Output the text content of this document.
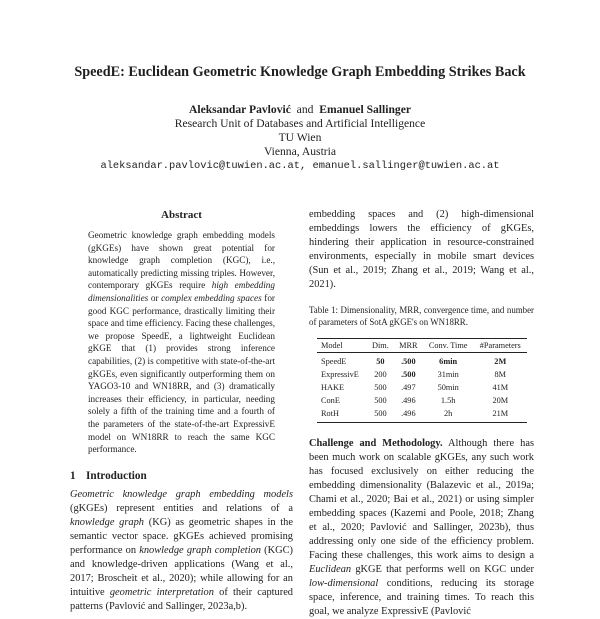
SpeedE: Euclidean Geometric Knowledge Graph Embedding Strikes Back
Aleksandar Pavlović and Emanuel Sallinger
Research Unit of Databases and Artificial Intelligence
TU Wien
Vienna, Austria
aleksandar.pavlovic@tuwien.ac.at, emanuel.sallinger@tuwien.ac.at
Abstract
Geometric knowledge graph embedding models (gKGEs) have shown great potential for knowledge graph completion (KGC), i.e., automatically predicting missing triples. However, contemporary gKGEs require high embedding dimensionalities or complex embedding spaces for good KGC performance, drastically limiting their space and time efficiency. Facing these challenges, we propose SpeedE, a lightweight Euclidean gKGE that (1) provides strong inference capabilities, (2) is competitive with state-of-the-art gKGEs, even significantly outperforming them on YAGO3-10 and WN18RR, and (3) dramatically increases their efficiency, in particular, needing solely a fifth of the training time and a fourth of the parameters of the state-of-the-art ExpressivE model on WN18RR to reach the same KGC performance.
1 Introduction
Geometric knowledge graph embedding models (gKGEs) represent entities and relations of a knowledge graph (KG) as geometric shapes in the semantic vector space. gKGEs achieved promising performance on knowledge graph completion (KGC) and knowledge-driven applications (Wang et al., 2017; Broscheit et al., 2020); while allowing for an intuitive geometric interpretation of their captured patterns (Pavlović and Sallinger, 2023a,b).
embedding spaces and (2) high-dimensional embeddings lowers the efficiency of gKGEs, hindering their application in resource-constrained environments, especially in mobile smart devices (Sun et al., 2019; Zhang et al., 2019; Wang et al., 2021).
Table 1: Dimensionality, MRR, convergence time, and number of parameters of SotA gKGE's on WN18RR.
Model	Dim.	MRR	Conv. Time	#Parameters
SpeedE	50	.500	6min	2M
ExpressivE	200	.500	31min	8M
HAKE	500	.497	50min	41M
ConE	500	.496	1.5h	20M
RotH	500	.496	2h	21M
Challenge and Methodology. Although there has been much work on scalable gKGEs, any such work has focused exclusively on either reducing the embedding dimensionality (Balazevic et al., 2019a; Chami et al., 2020; Bai et al., 2021) or using simpler embedding spaces (Kazemi and Poole, 2018; Zhang et al., 2020; Pavlović and Sallinger, 2023b), thus addressing only one side of the efficiency problem. Facing these challenges, this work aims to design a Euclidean gKGE that performs well on KGC under low-dimensional conditions, reducing its storage space, inference, and training times. To reach this goal, we analyze ExpressivE (Pavlović
